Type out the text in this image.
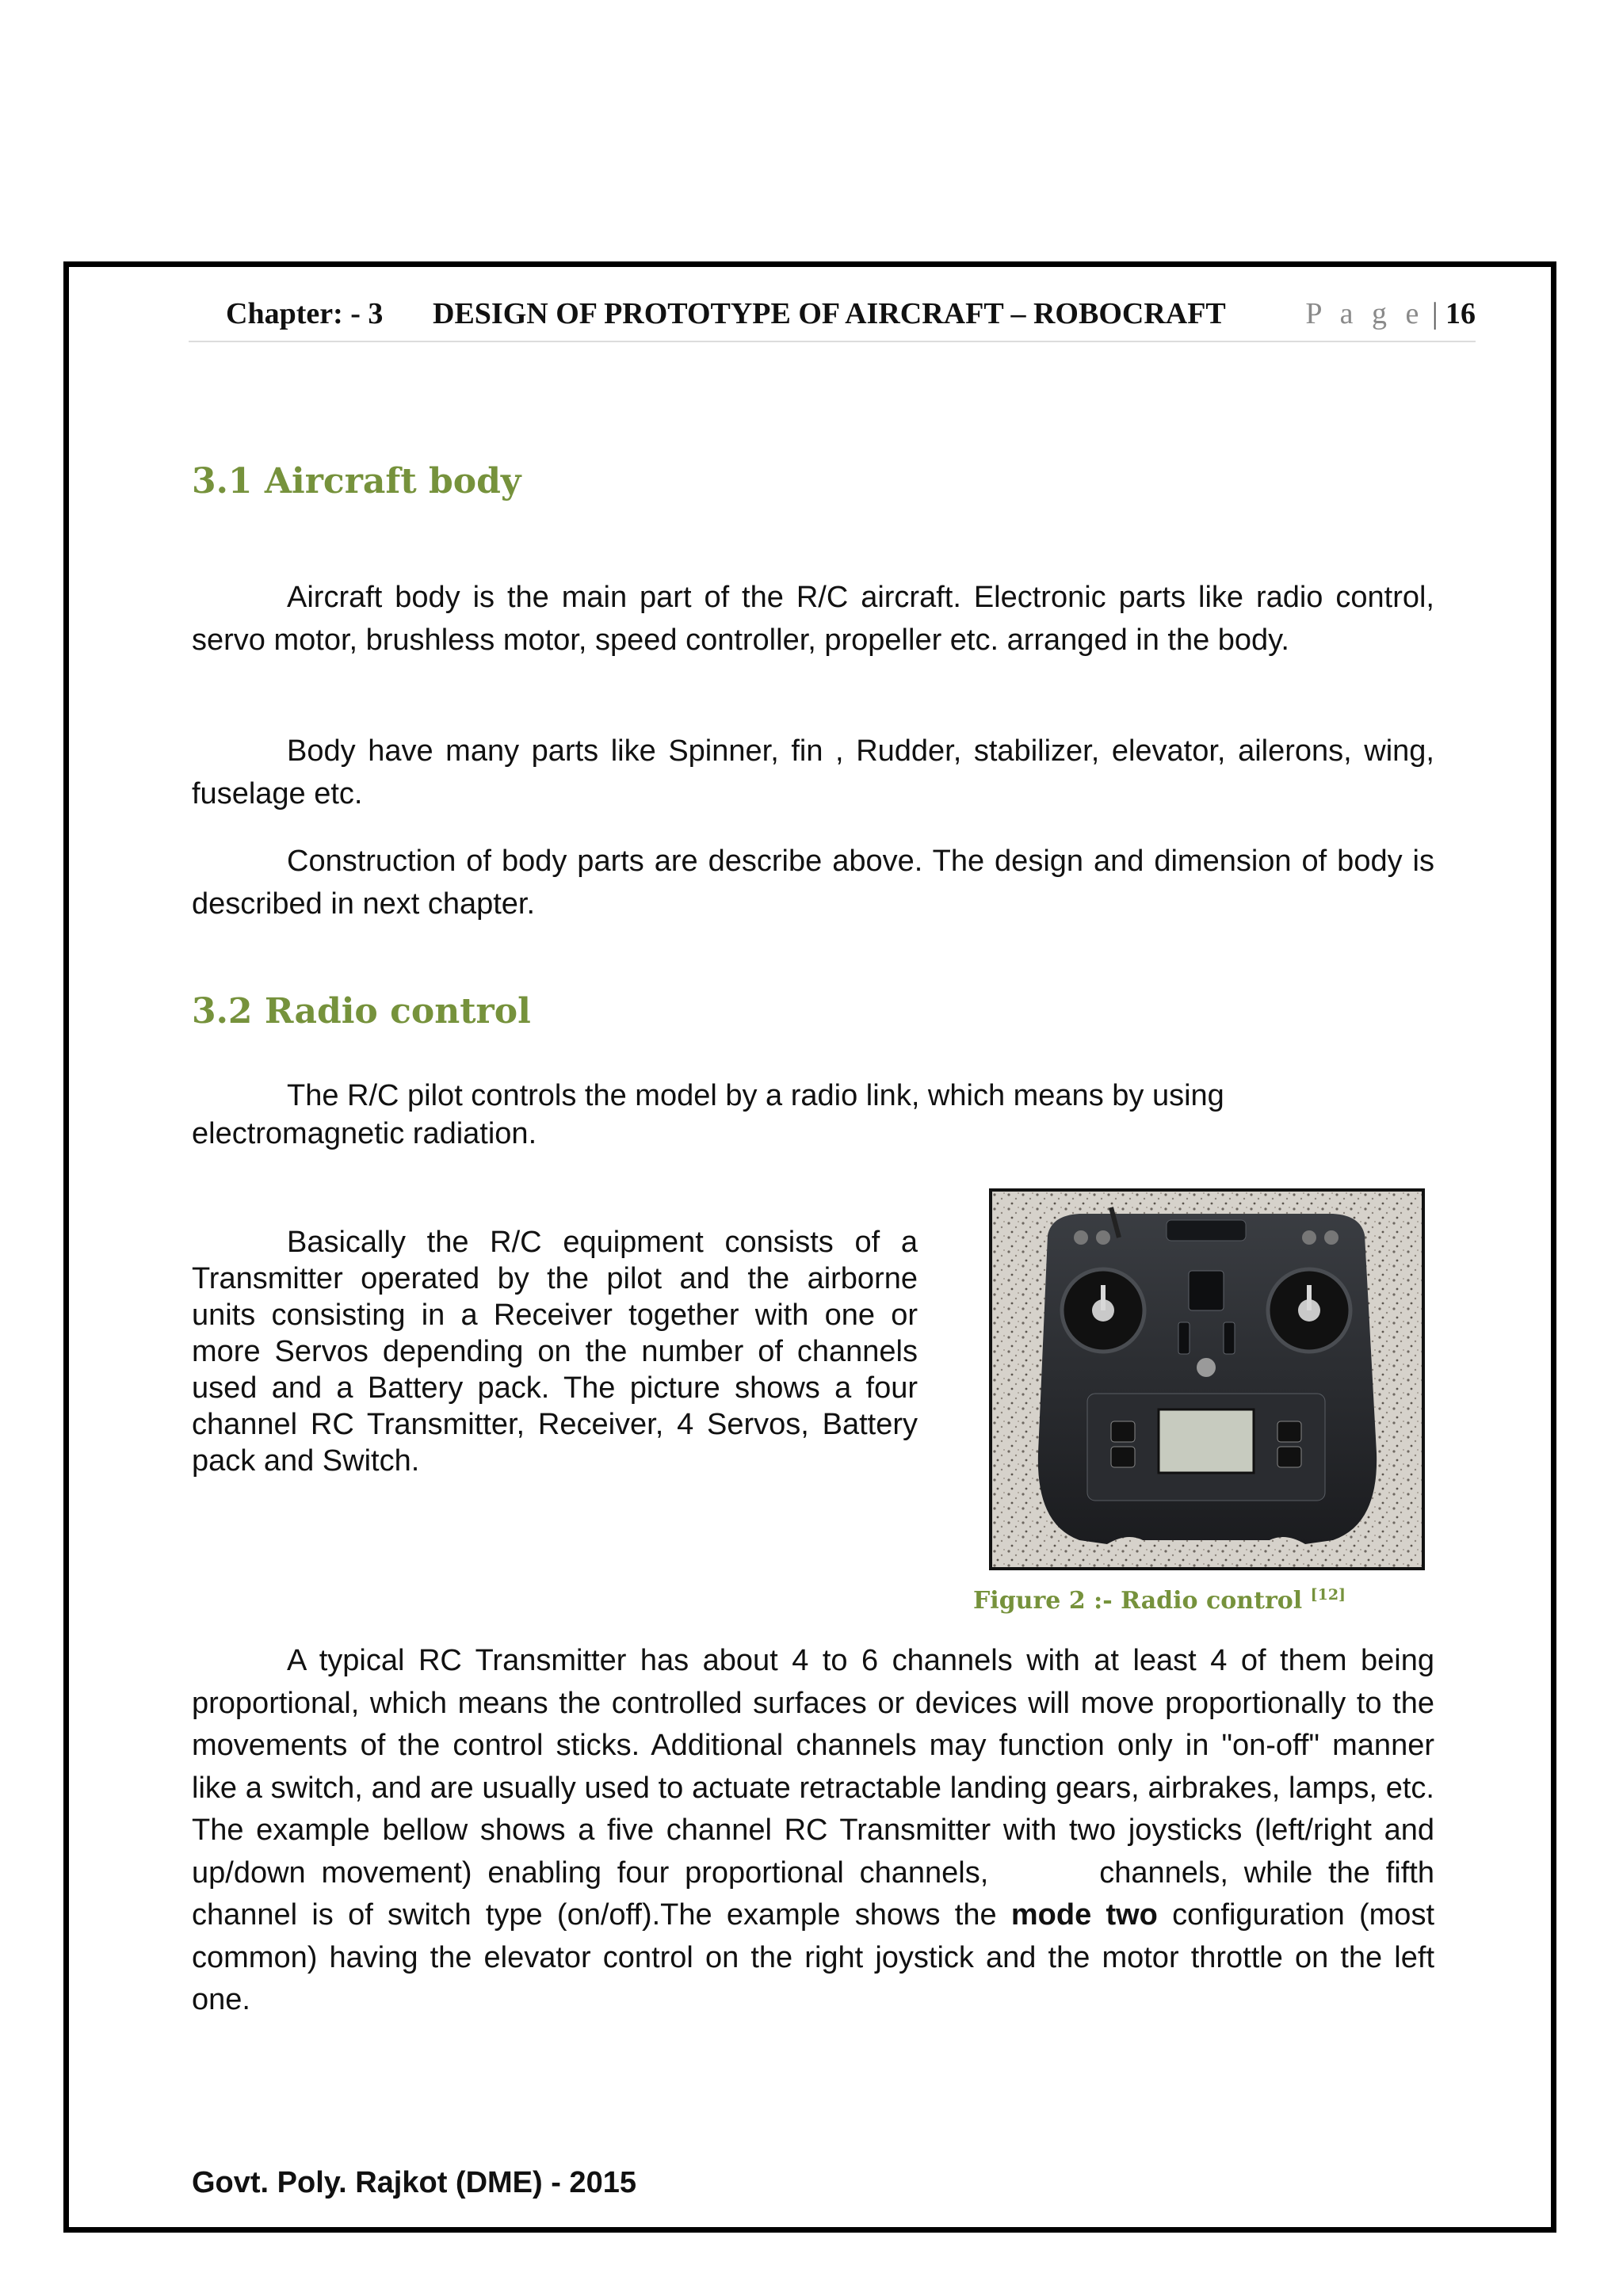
Chapter: - 3 DESIGN OF PROTOTYPE OF AIRCRAFT – ROBOCRAFT	P a g e | 16
3.1 Aircraft body

Aircraft body is the main part of the R/C aircraft. Electronic parts like radio control, servo motor, brushless motor, speed controller, propeller etc. arranged in the body.

Body have many parts like Spinner, fin , Rudder, stabilizer, elevator, ailerons, wing, fuselage etc.

Construction of body parts are describe above. The design and dimension of body is described in next chapter.

3.2 Radio control
The R/C pilot controls the model by a radio link, which means by using
electromagnetic radiation.

Basically the R/C equipment consists of a Transmitter operated by the pilot and the airborne units consisting in a Receiver together with one or more Servos depending on the number of channels used and a Battery pack. The picture shows a four channel RC Transmitter, Receiver, 4 Servos, Battery pack and Switch.

Figure 2 :- Radio control [12]

A typical RC Transmitter has about 4 to 6 channels with at least 4 of them being proportional, which means the controlled surfaces or devices will move proportionally to the movements of the control sticks. Additional channels may function only in "on-off" manner like a switch, and are usually used to actuate retractable landing gears, airbrakes, lamps, etc. The example bellow shows a five channel RC Transmitter with two joysticks (left/right and up/down movement) enabling four proportional channels,	channels, while the fifth channel is of switch type (on/off).The example shows the mode two configuration (most common) having the elevator control on the right joystick and the motor throttle on the left one.

Govt. Poly. Rajkot (DME) - 2015
